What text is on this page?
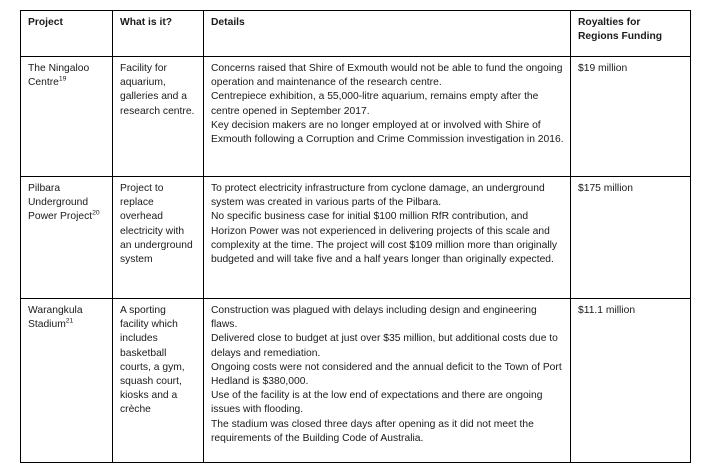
Project	What is it?	Details	Royalties for
Regions Funding

The Ningaloo Centre$^{19}$	Facility for aquarium, galleries and a research centre.	Concerns raised that Shire of Exmouth would not be able to fund the ongoing operation and maintenance of the research centre.
Centrepiece exhibition, a 55,000-litre aquarium, remains empty after the centre opened in September 2017.
Key decision makers are no longer employed at or involved with Shire of Exmouth following a Corruption and Crime Commission investigation in 2016.	$19 million
Pilbara Underground Power Project$^{20}$	Project to replace overhead electricity with an underground system	To protect electricity infrastructure from cyclone damage, an underground system was created in various parts of the Pilbara.
No specific business case for initial $100 million RfR contribution, and Horizon Power was not experienced in delivering projects of this scale and complexity at the time. The project will cost $109 million more than originally budgeted and will take five and a half years longer than originally expected.	$175 million
Warangkula Stadium$^{21}$	A sporting facility which includes basketball courts, a gym, squash court, kiosks and a crèche	Construction was plagued with delays including design and engineering flaws.
Delivered close to budget at just over $35 million, but additional costs due to delays and remediation.
Ongoing costs were not considered and the annual deficit to the Town of Port Hedland is $380,000.
Use of the facility is at the low end of expectations and there are ongoing issues with flooding.
The stadium was closed three days after opening as it did not meet the requirements of the Building Code of Australia.	$11.1 million
